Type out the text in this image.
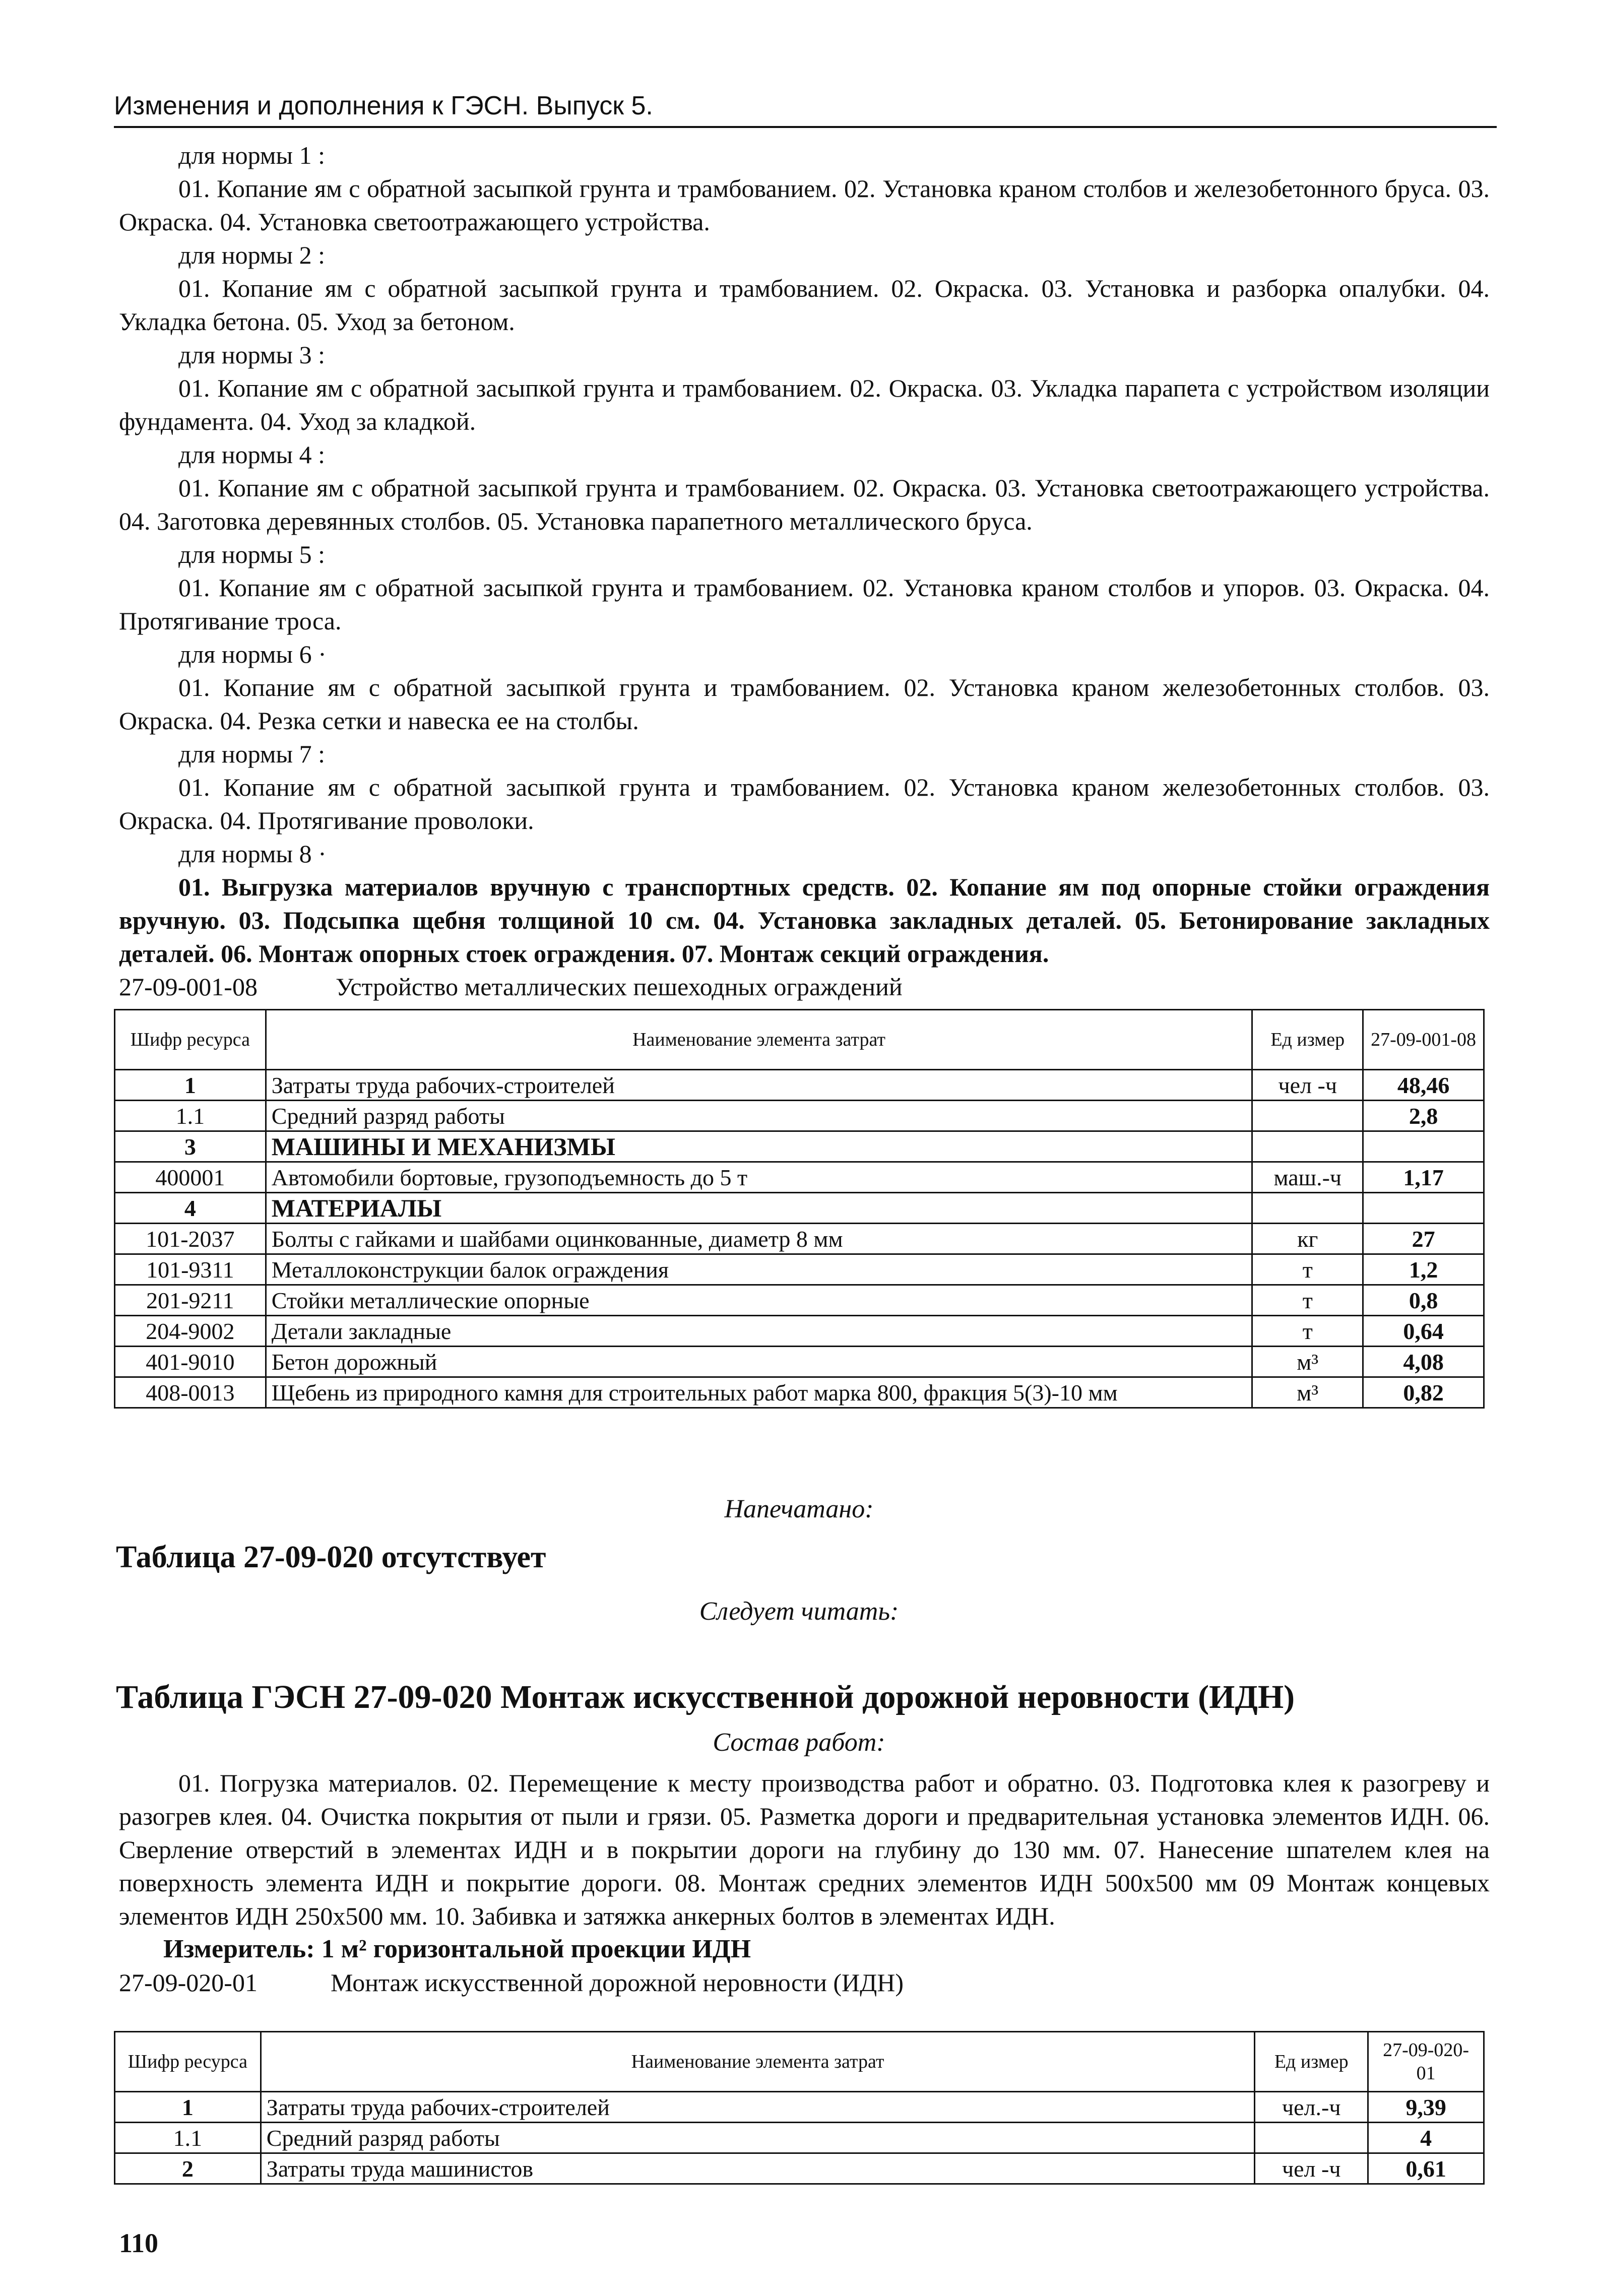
Изменения и дополнения к ГЭСН. Выпуск 5.

для нормы 1 :

01. Копание ям с обратной засыпкой грунта и трамбованием. 02. Установка краном столбов и железобетонного бруса. 03. Окраска. 04. Установка светоотражающего устройства.

для нормы 2 :

01. Копание ям с обратной засыпкой грунта и трамбованием. 02. Окраска. 03. Установка и разборка опалубки. 04. Укладка бетона. 05. Уход за бетоном.

для нормы 3 :

01. Копание ям с обратной засыпкой грунта и трамбованием. 02. Окраска. 03. Укладка парапета с устройством изоляции фундамента. 04. Уход за кладкой.

для нормы 4 :

01. Копание ям с обратной засыпкой грунта и трамбованием. 02. Окраска. 03. Установка светоотражающего устройства. 04. Заготовка деревянных столбов. 05. Установка парапетного металлического бруса.

для нормы 5 :

01. Копание ям с обратной засыпкой грунта и трамбованием. 02. Установка краном столбов и упоров. 03. Окраска. 04. Протягивание троса.

для нормы 6 ·

01. Копание ям с обратной засыпкой грунта и трамбованием. 02. Установка краном железобетонных столбов. 03. Окраска. 04. Резка сетки и навеска ее на столбы.

для нормы 7 :

01. Копание ям с обратной засыпкой грунта и трамбованием. 02. Установка краном железобетонных столбов. 03. Окраска. 04. Протягивание проволоки.

для нормы 8 ·

01. Выгрузка материалов вручную с транспортных средств. 02. Копание ям под опорные стойки ограждения вручную. 03. Подсыпка щебня толщиной 10 см. 04. Установка закладных деталей. 05. Бетонирование закладных деталей. 06. Монтаж опорных стоек ограждения. 07. Монтаж секций ограждения.

27-09-001-08	Устройство металлических пешеходных ограждений

Шифр ресурса	Наименование элемента затрат	Ед измер	27-09-001-08
1	Затраты труда рабочих-строителей	чел -ч	48,46
1.1	Средний разряд работы		2,8
3	МАШИНЫ И МЕХАНИЗМЫ		
400001	Автомобили бортовые, грузоподъемность до 5 т	маш.-ч	1,17
4	МАТЕРИАЛЫ		
101-2037	Болты с гайками и шайбами оцинкованные, диаметр 8 мм	кг	27
101-9311	Металлоконструкции балок ограждения	т	1,2
201-9211	Стойки металлические опорные	т	0,8
204-9002	Детали закладные	т	0,64
401-9010	Бетон дорожный	м³	4,08
408-0013	Щебень из природного камня для строительных работ марка 800, фракция 5(3)-10 мм	м³	0,82
Напечатано:
Таблица 27-09-020 отсутствует
Следует читать:
Таблица ГЭСН 27-09-020 Монтаж искусственной дорожной неровности (ИДН)
Состав работ:

01. Погрузка материалов. 02. Перемещение к месту производства работ и обратно. 03. Подготовка клея к разогреву и разогрев клея. 04. Очистка покрытия от пыли и грязи. 05. Разметка дороги и предварительная установка элементов ИДН. 06. Сверление отверстий в элементах ИДН и в покрытии дороги на глубину до 130 мм. 07. Нанесение шпателем клея на поверхность элемента ИДН и покрытие дороги. 08. Монтаж средних элементов ИДН 500x500 мм 09 Монтаж концевых элементов ИДН 250x500 мм. 10. Забивка и затяжка анкерных болтов в элементах ИДН.

Измеритель: 1 м² горизонтальной проекции ИДН

27-09-020-01	Монтаж искусственной дорожной неровности (ИДН)

Шифр ресурса	Наименование элемента затрат	Ед измер	27-09-020-01
1	Затраты труда рабочих-строителей	чел.-ч	9,39
1.1	Средний разряд работы		4
2	Затраты труда машинистов	чел -ч	0,61
110
